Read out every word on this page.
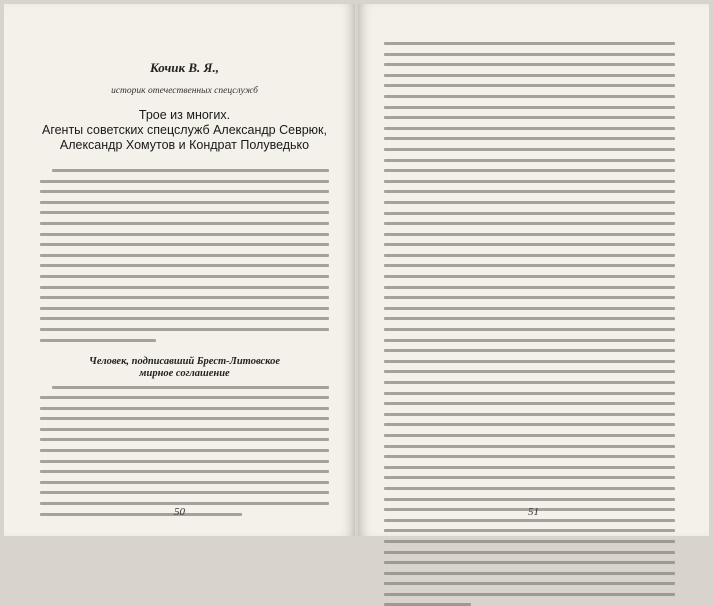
Кочик В. Я.,
историк отечественных спецслужб
Трое из многих.
Агенты советских спецслужб Александр Севрюк,
Александр Хомутов и Кондрат Полуведько
Человек, подписавший Брест-Литовское
мирное соглашение
50	51
